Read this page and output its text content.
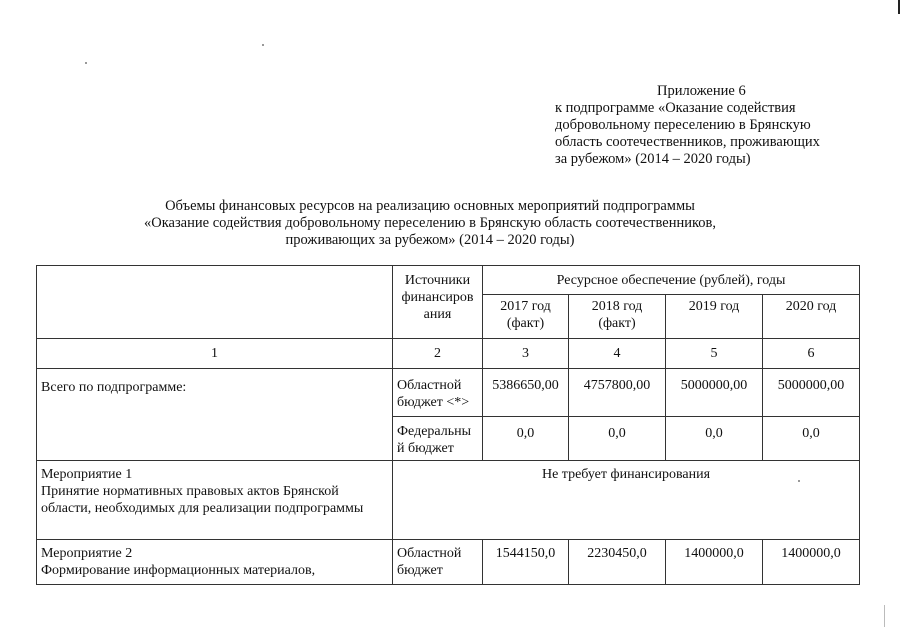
Приложение 6
к подпрограмме «Оказание содействия
добровольному переселению в Брянскую
область соотечественников, проживающих
за рубежом» (2014 – 2020 годы)
Объемы финансовых ресурсов на реализацию основных мероприятий подпрограммы
«Оказание содействия добровольному переселению в Брянскую область соотечественников,
проживающих за рубежом» (2014 – 2020 годы)
	Источники финансиров ания	Ресурсное обеспечение (рублей), годы			
		2017 год (факт)	2018 год (факт)	2019 год	2020 год
1	2	3	4	5	6
Всего по подпрограмме:	Областной бюджет <*>	5386650,00	4757800,00	5000000,00	5000000,00
	Федеральны й бюджет	0,0	0,0	0,0	0,0

Мероприятие 1
Принятие нормативных правовых актов Брянской области, необходимых для реализации подпрограммы	Не требует финансирования				

Мероприятие 2
Формирование информационных материалов,	Областной бюджет	1544150,0	2230450,0	1400000,0	1400000,0
